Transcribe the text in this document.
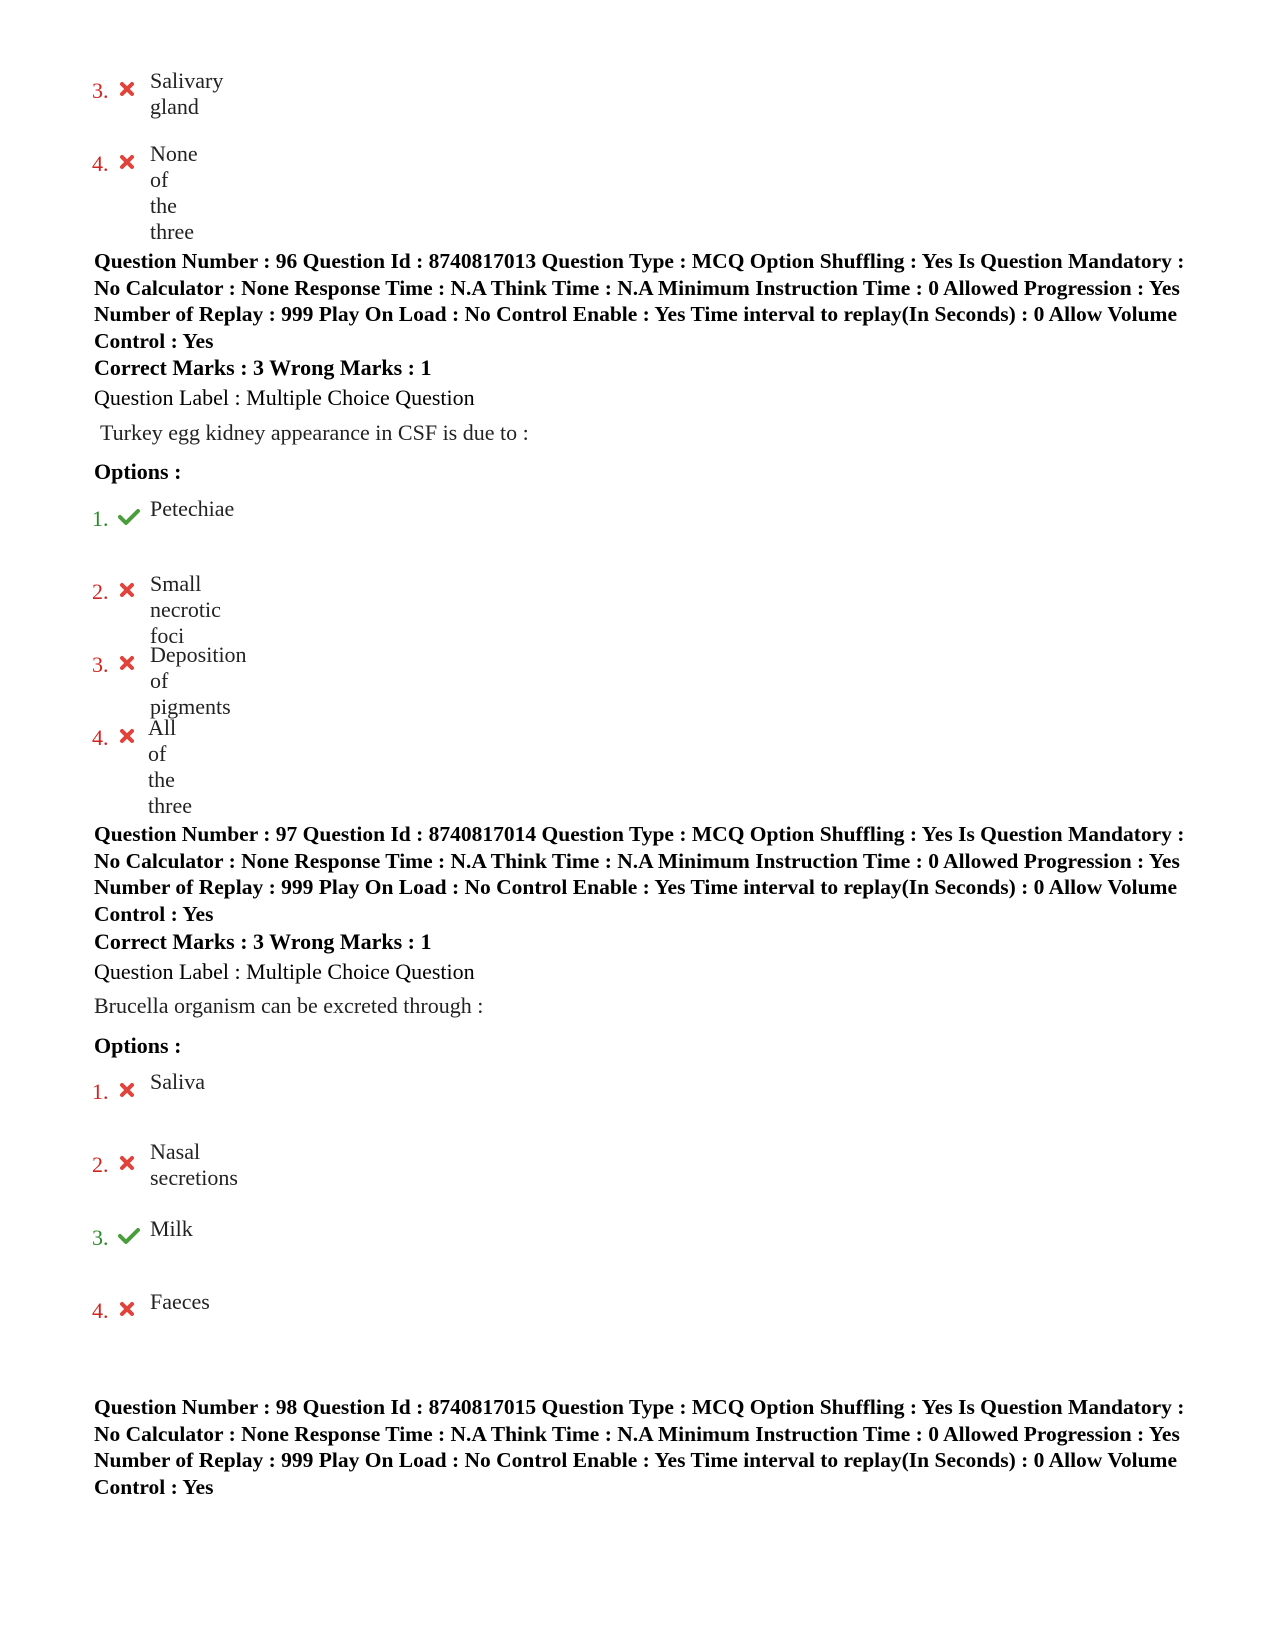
3. Salivary gland
4. None of the three
Question Number : 96 Question Id : 8740817013 Question Type : MCQ Option Shuffling : Yes Is Question Mandatory : No Calculator : None Response Time : N.A Think Time : N.A Minimum Instruction Time : 0 Allowed Progression : Yes Number of Replay : 999 Play On Load : No Control Enable : Yes Time interval to replay(In Seconds) : 0 Allow Volume Control : Yes
Correct Marks : 3 Wrong Marks : 1
Question Label : Multiple Choice Question
Turkey egg kidney appearance in CSF is due to :
Options :
1. Petechiae
2. Small necrotic foci
3. Deposition of pigments
4. All of the three
Question Number : 97 Question Id : 8740817014 Question Type : MCQ Option Shuffling : Yes Is Question Mandatory : No Calculator : None Response Time : N.A Think Time : N.A Minimum Instruction Time : 0 Allowed Progression : Yes Number of Replay : 999 Play On Load : No Control Enable : Yes Time interval to replay(In Seconds) : 0 Allow Volume Control : Yes
Correct Marks : 3 Wrong Marks : 1
Question Label : Multiple Choice Question
Brucella organism can be excreted through :
Options :
1. Saliva
2.
Nasal secretions
3. Milk
4. Faeces
Question Number : 98 Question Id : 8740817015 Question Type : MCQ Option Shuffling : Yes Is Question Mandatory : No Calculator : None Response Time : N.A Think Time : N.A Minimum Instruction Time : 0 Allowed Progression : Yes Number of Replay : 999 Play On Load : No Control Enable : Yes Time interval to replay(In Seconds) : 0 Allow Volume Control : Yes
